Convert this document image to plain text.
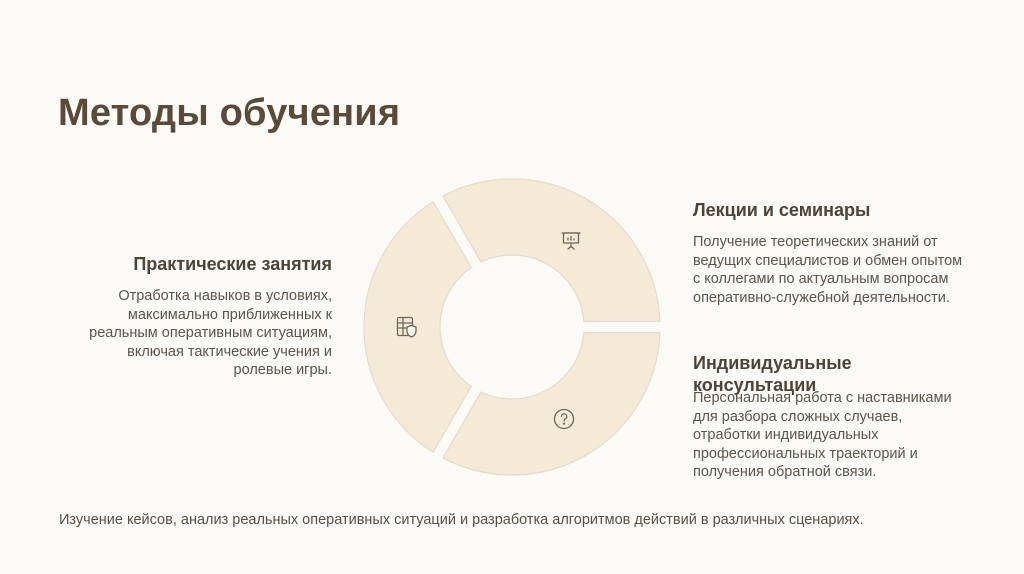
Методы обучения
Практические занятия

Отработка навыков в условиях, максимально приближенных к реальным оперативным ситуациям, включая тактические учения и ролевые игры.

Лекции и семинары

Получение теоретических знаний от ведущих специалистов и обмен опытом с коллегами по актуальным вопросам оперативно-служебной деятельности.

Индивидуальные консультации

Персональная работа с наставниками для разбора сложных случаев, отработки индивидуальных профессиональных траекторий и получения обратной связи.

Изучение кейсов, анализ реальных оперативных ситуаций и разработка алгоритмов действий в различных сценариях.
